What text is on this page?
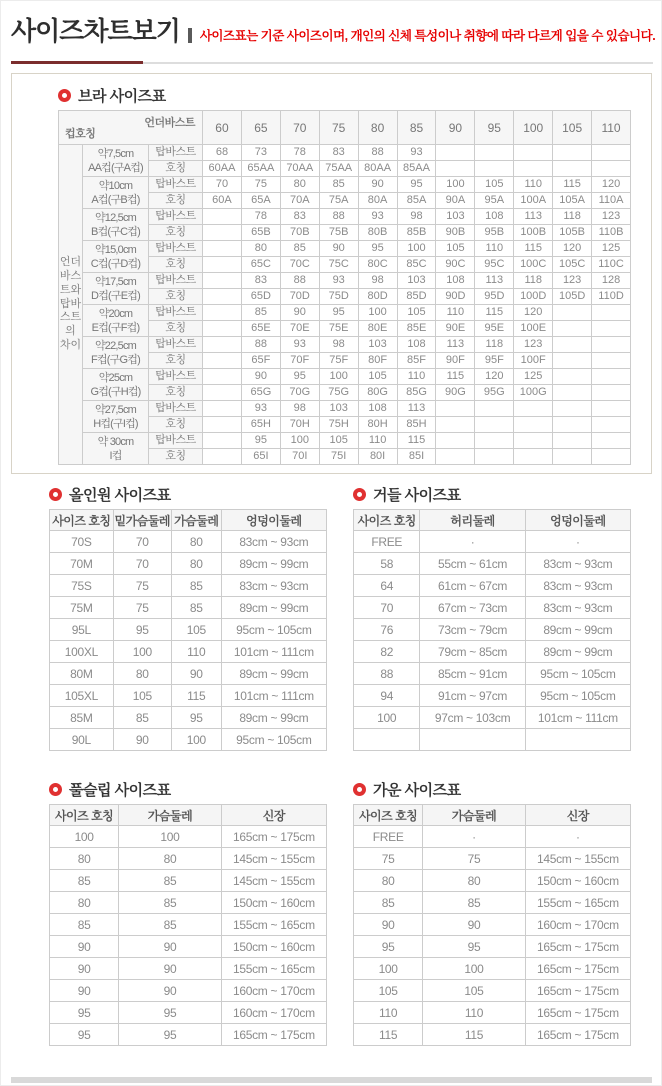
사이즈차트보기 사이즈표는 기준 사이즈이며, 개인의 신체 특성이나 취향에 따라 다르게 입을 수 있습니다.
브라 사이즈표
언더바스트
컵호칭			60	65	70	75	80	85	90	95	100	105	110
언더바스트와 탑바스트의 차이	약7,5cm
AA컵(구A컵)	탑바스트	68	73	78	83	88	93					
		호칭	60AA	65AA	70AA	75AA	80AA	85AA					

	약10cm
A컵(구B컵)	탑바스트	70	75	80	85	90	95	100	105	110	115	120
		호칭	60A	65A	70A	75A	80A	85A	90A	95A	100A	105A	110A

	약12,5cm
B컵(구C컵)	탑바스트		78	83	88	93	98	103	108	113	118	123
		호칭		65B	70B	75B	80B	85B	90B	95B	100B	105B	110B

	약15,0cm
C컵(구D컵)	탑바스트		80	85	90	95	100	105	110	115	120	125
		호칭		65C	70C	75C	80C	85C	90C	95C	100C	105C	110C

	약17,5cm
D컵(구E컵)	탑바스트		83	88	93	98	103	108	113	118	123	128
		호칭		65D	70D	75D	80D	85D	90D	95D	100D	105D	110D

	약20cm
E컵(구F컵)	탑바스트		85	90	95	100	105	110	115	120		
		호칭		65E	70E	75E	80E	85E	90E	95E	100E		

	약22,5cm
F컵(구G컵)	탑바스트		88	93	98	103	108	113	118	123		
		호칭		65F	70F	75F	80F	85F	90F	95F	100F		

	약25cm
G컵(구H컵)	탑바스트		90	95	100	105	110	115	120	125		
		호칭		65G	70G	75G	80G	85G	90G	95G	100G		

	약27,5cm
H컵(구I컵)	탑바스트		93	98	103	108	113					
		호칭		65H	70H	75H	80H	85H					

	약 30cm
I컵	탑바스트		95	100	105	110	115					
		호칭		65I	70I	75I	80I	85I					
올인원 사이즈표
사이즈 호칭	밑가슴둘레	가슴둘레	엉덩이둘레
70S	70	80	83cm ~ 93cm
70M	70	80	89cm ~ 99cm
75S	75	85	83cm ~ 93cm
75M	75	85	89cm ~ 99cm
95L	95	105	95cm ~ 105cm
100XL	100	110	101cm ~ 111cm
80M	80	90	89cm ~ 99cm
105XL	105	115	101cm ~ 111cm
85M	85	95	89cm ~ 99cm
90L	90	100	95cm ~ 105cm
거들 사이즈표
사이즈 호칭	허리둘레	엉덩이둘레
FREE	·	·
58	55cm ~ 61cm	83cm ~ 93cm
64	61cm ~ 67cm	83cm ~ 93cm
70	67cm ~ 73cm	83cm ~ 93cm
76	73cm ~ 79cm	89cm ~ 99cm
82	79cm ~ 85cm	89cm ~ 99cm
88	85cm ~ 91cm	95cm ~ 105cm
94	91cm ~ 97cm	95cm ~ 105cm
100	97cm ~ 103cm	101cm ~ 111cm

풀슬립 사이즈표
사이즈 호칭	가슴둘레	신장
100	100	165cm ~ 175cm
80	80	145cm ~ 155cm
85	85	145cm ~ 155cm
80	85	150cm ~ 160cm
85	85	155cm ~ 165cm
90	90	150cm ~ 160cm
90	90	155cm ~ 165cm
90	90	160cm ~ 170cm
95	95	160cm ~ 170cm
95	95	165cm ~ 175cm
가운 사이즈표
사이즈 호칭	가슴둘레	신장
FREE	·	·
75	75	145cm ~ 155cm
80	80	150cm ~ 160cm
85	85	155cm ~ 165cm
90	90	160cm ~ 170cm
95	95	165cm ~ 175cm
100	100	165cm ~ 175cm
105	105	165cm ~ 175cm
110	110	165cm ~ 175cm
115	115	165cm ~ 175cm
